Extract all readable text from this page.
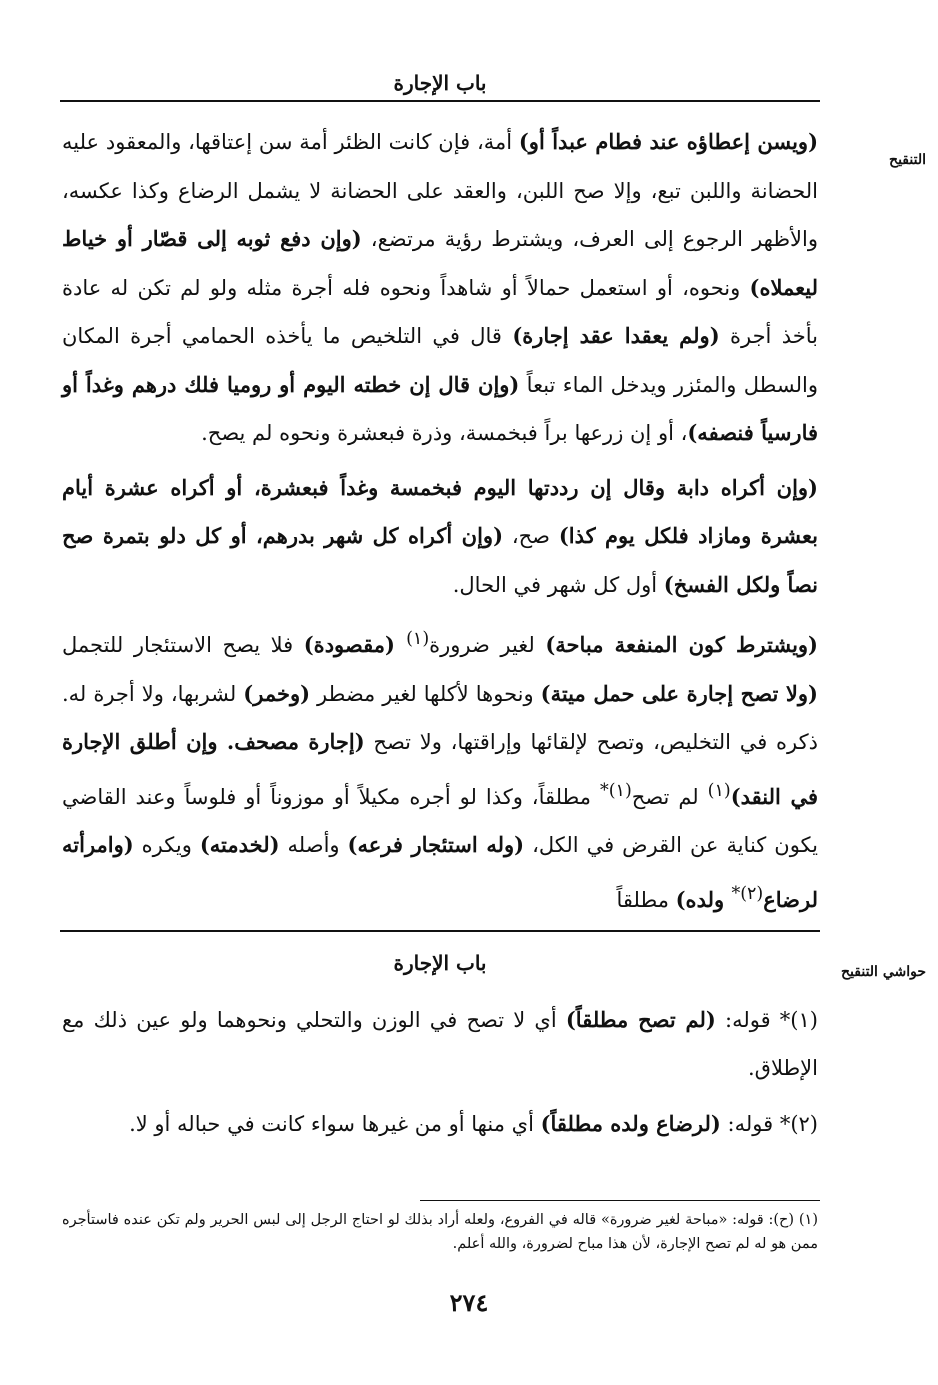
باب الإجارة
التنقيح

(ويسن إعطاؤه عند فطام عبداً أو) أمة، فإن كانت الظئر أمة سن إعتاقها، والمعقود عليه الحضانة واللبن تبع، وإلا صح اللبن، والعقد على الحضانة لا يشمل الرضاع وكذا عكسه، والأظهر الرجوع إلى العرف، ويشترط رؤية مرتضع، (وإن دفع ثوبه إلى قصّار أو خياط ليعملاه) ونحوه، أو استعمل حمالاً أو شاهداً ونحوه فله أجرة مثله ولو لم تكن له عادة بأخذ أجرة (ولم يعقدا عقد إجارة) قال في التلخيص ما يأخذه الحمامي أجرة المكان والسطل والمئزر ويدخل الماء تبعاً (وإن قال إن خطته اليوم أو روميا فلك درهم وغداً أو فارسياً فنصفه)، أو إن زرعها براً فبخمسة، وذرة فبعشرة ونحوه لم يصح.

(وإن أكراه دابة وقال إن رددتها اليوم فبخمسة وغداً فبعشرة، أو أكراه عشرة أيام بعشرة ومازاد فلكل يوم كذا) صح، (وإن أكراه كل شهر بدرهم، أو كل دلو بتمرة صح نصاً ولكل الفسخ) أول كل شهر في الحال.

(ويشترط كون المنفعة مباحة) لغير ضرورة$^{(١)}$ (مقصودة) فلا يصح الاستئجار للتجمل (ولا تصح إجارة على حمل ميتة) ونحوها لأكلها لغير مضطر (وخمر) لشربها، ولا أجرة له. ذكره في التخليص، وتصح لإلقائها وإراقتها، ولا تصح (إجارة مصحف. وإن أطلق الإجارة في النقد)$^{(١)}$ لم تصح$^{(١)*}$ مطلقاً، وكذا لو أجره مكيلاً أو موزوناً أو فلوساً وعند القاضي يكون كناية عن القرض في الكل، (وله استئجار فرعه) وأصله (لخدمته) ويكره (وامرأته لرضاع$^{(٢)*}$ ولده) مطلقاً

حواشي التنقيح
باب الإجارة

(١)* قوله: (لم تصح مطلقاً) أي لا تصح في الوزن والتحلي ونحوهما ولو عين ذلك مع الإطلاق.

(٢)* قوله: (لرضاع ولده مطلقاً) أي منها أو من غيرها سواء كانت في حباله أو لا.

(١) (ح): قوله: «مباحة لغير ضرورة» قاله في الفروع، ولعله أراد بذلك لو احتاج الرجل إلى لبس الحرير ولم تكن عنده فاستأجره ممن هو له لم تصح الإجارة، لأن هذا مباح لضرورة، والله أعلم.
٢٧٤
